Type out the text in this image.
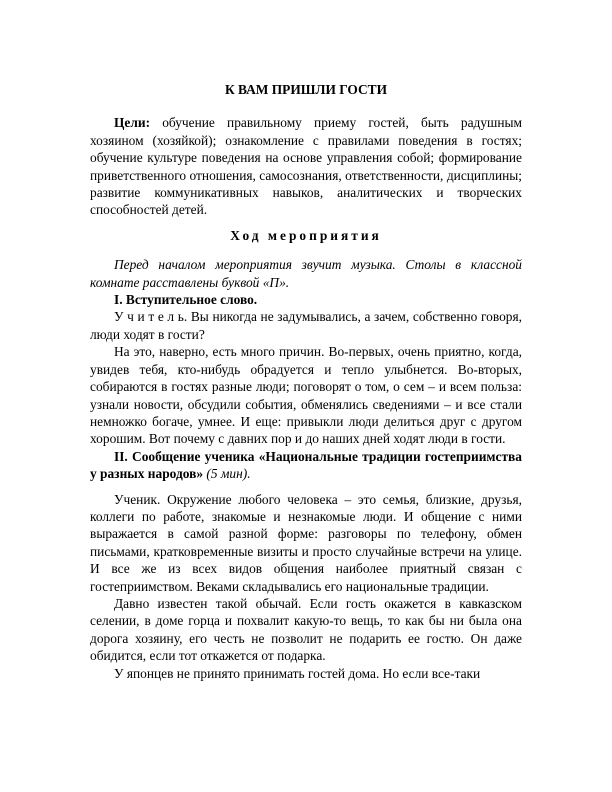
К ВАМ ПРИШЛИ ГОСТИ

Цели: обучение правильному приему гостей, быть радушным хозяином (хозяйкой); ознакомление с правилами поведения в гостях; обучение культуре поведения на основе управления собой; формирование приветственного отношения, самосознания, ответственности, дисциплины; развитие коммуникативных навыков, аналитических и творческих способностей детей.

Ход мероприятия

Перед началом мероприятия звучит музыка. Столы в классной комнате расставлены буквой «П».

I. Вступительное слово.

У ч и т е л ь. Вы никогда не задумывались, а зачем, собственно говоря, люди ходят в гости?

На это, наверно, есть много причин. Во-первых, очень приятно, когда, увидев тебя, кто-нибудь обрадуется и тепло улыбнется. Во-вторых, собираются в гостях разные люди; поговорят о том, о сем – и всем польза: узнали новости, обсудили события, обменялись сведениями – и все стали немножко богаче, умнее. И еще: привыкли люди делиться друг с другом хорошим. Вот почему с давних пор и до наших дней ходят люди в гости.

II. Сообщение ученика «Национальные традиции гостеприимства у разных народов» (5 мин).

Ученик. Окружение любого человека – это семья, близкие, друзья, коллеги по работе, знакомые и незнакомые люди. И общение с ними выражается в самой разной форме: разговоры по телефону, обмен письмами, кратковременные визиты и просто случайные встречи на улице. И все же из всех видов общения наиболее приятный связан с гостеприимством. Веками складывались его национальные традиции.

Давно известен такой обычай. Если гость окажется в кавказском селении, в доме горца и похвалит какую-то вещь, то как бы ни была она дорога хозяину, его честь не позволит не подарить ее гостю. Он даже обидится, если тот откажется от подарка.

У японцев не принято принимать гостей дома. Но если все-таки
